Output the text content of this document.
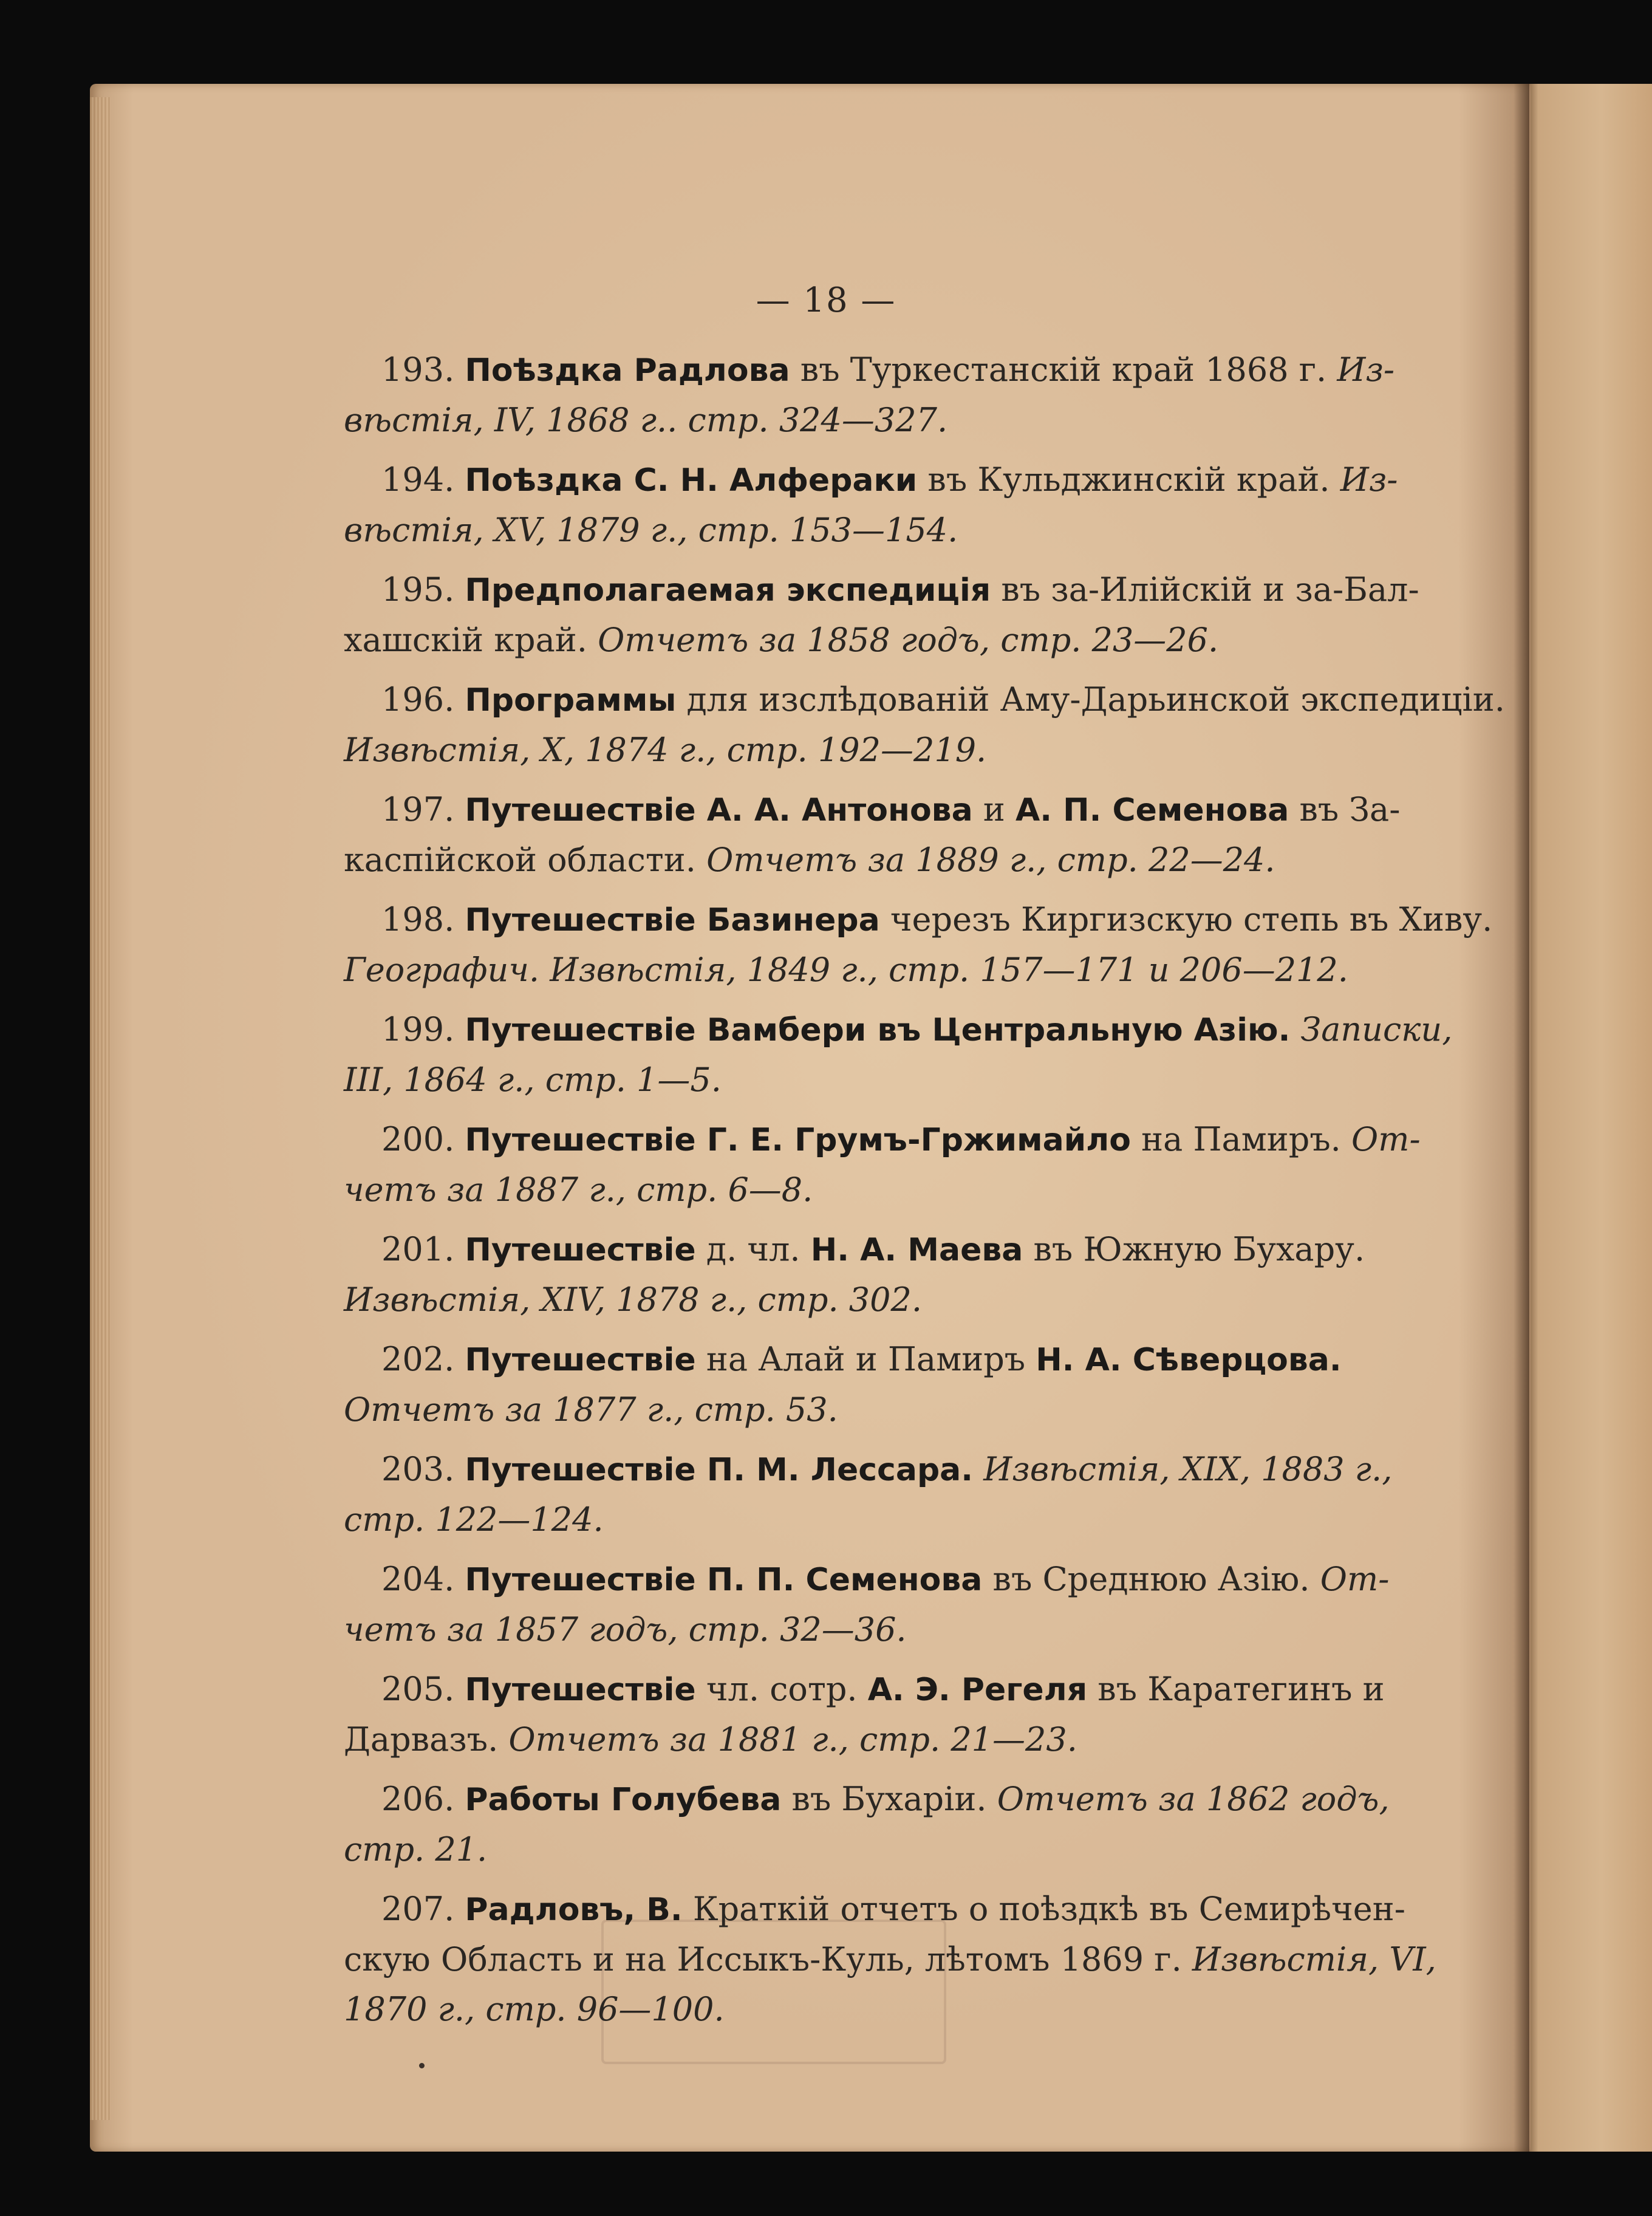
— 18 —
193. Поѣздка Радлова въ Туркестанскій край 1868 г. Из-
вѣстія, IV, 1868 г.. стр. 324—327.
194. Поѣздка С. Н. Алфераки въ Кульджинскій край. Из-
вѣстія, XV, 1879 г., стр. 153—154.
195. Предполагаемая экспедиція въ за-Илійскій и за-Бал-
хашскій край. Отчетъ за 1858 годъ, стр. 23—26.
196. Программы для изслѣдованій Аму-Дарьинской экспедиціи.
Извѣстія, X, 1874 г., стр. 192—219.
197. Путешествіе А. А. Антонова и А. П. Семенова въ За-
каспійской области. Отчетъ за 1889 г., стр. 22—24.
198. Путешествіе Базинера черезъ Киргизскую степь въ Хиву.
Географич. Извѣстія, 1849 г., стр. 157—171 и 206—212.
199. Путешествіе Вамбери въ Центральную Азію. Записки,
III, 1864 г., стр. 1—5.
200. Путешествіе Г. Е. Грумъ-Гржимайло на Памиръ. От-
четъ за 1887 г., стр. 6—8.
201. Путешествіе д. чл. Н. А. Маева въ Южную Бухару.
Извѣстія, XIV, 1878 г., стр. 302.
202. Путешествіе на Алай и Памиръ Н. А. Сѣверцова.
Отчетъ за 1877 г., стр. 53.
203. Путешествіе П. М. Лессара. Извѣстія, XIX, 1883 г.,
стр. 122—124.
204. Путешествіе П. П. Семенова въ Среднюю Азію. От-
четъ за 1857 годъ, стр. 32—36.
205. Путешествіе чл. сотр. А. Э. Регеля въ Каратегинъ и
Дарвазъ. Отчетъ за 1881 г., стр. 21—23.
206. Работы Голубева въ Бухаріи. Отчетъ за 1862 годъ,
стр. 21.
207. Радловъ, В. Краткій отчетъ о поѣздкѣ въ Семирѣчен-
скую Область и на Иссыкъ-Куль, лѣтомъ 1869 г. Извѣстія, VI,
1870 г., стр. 96—100.
